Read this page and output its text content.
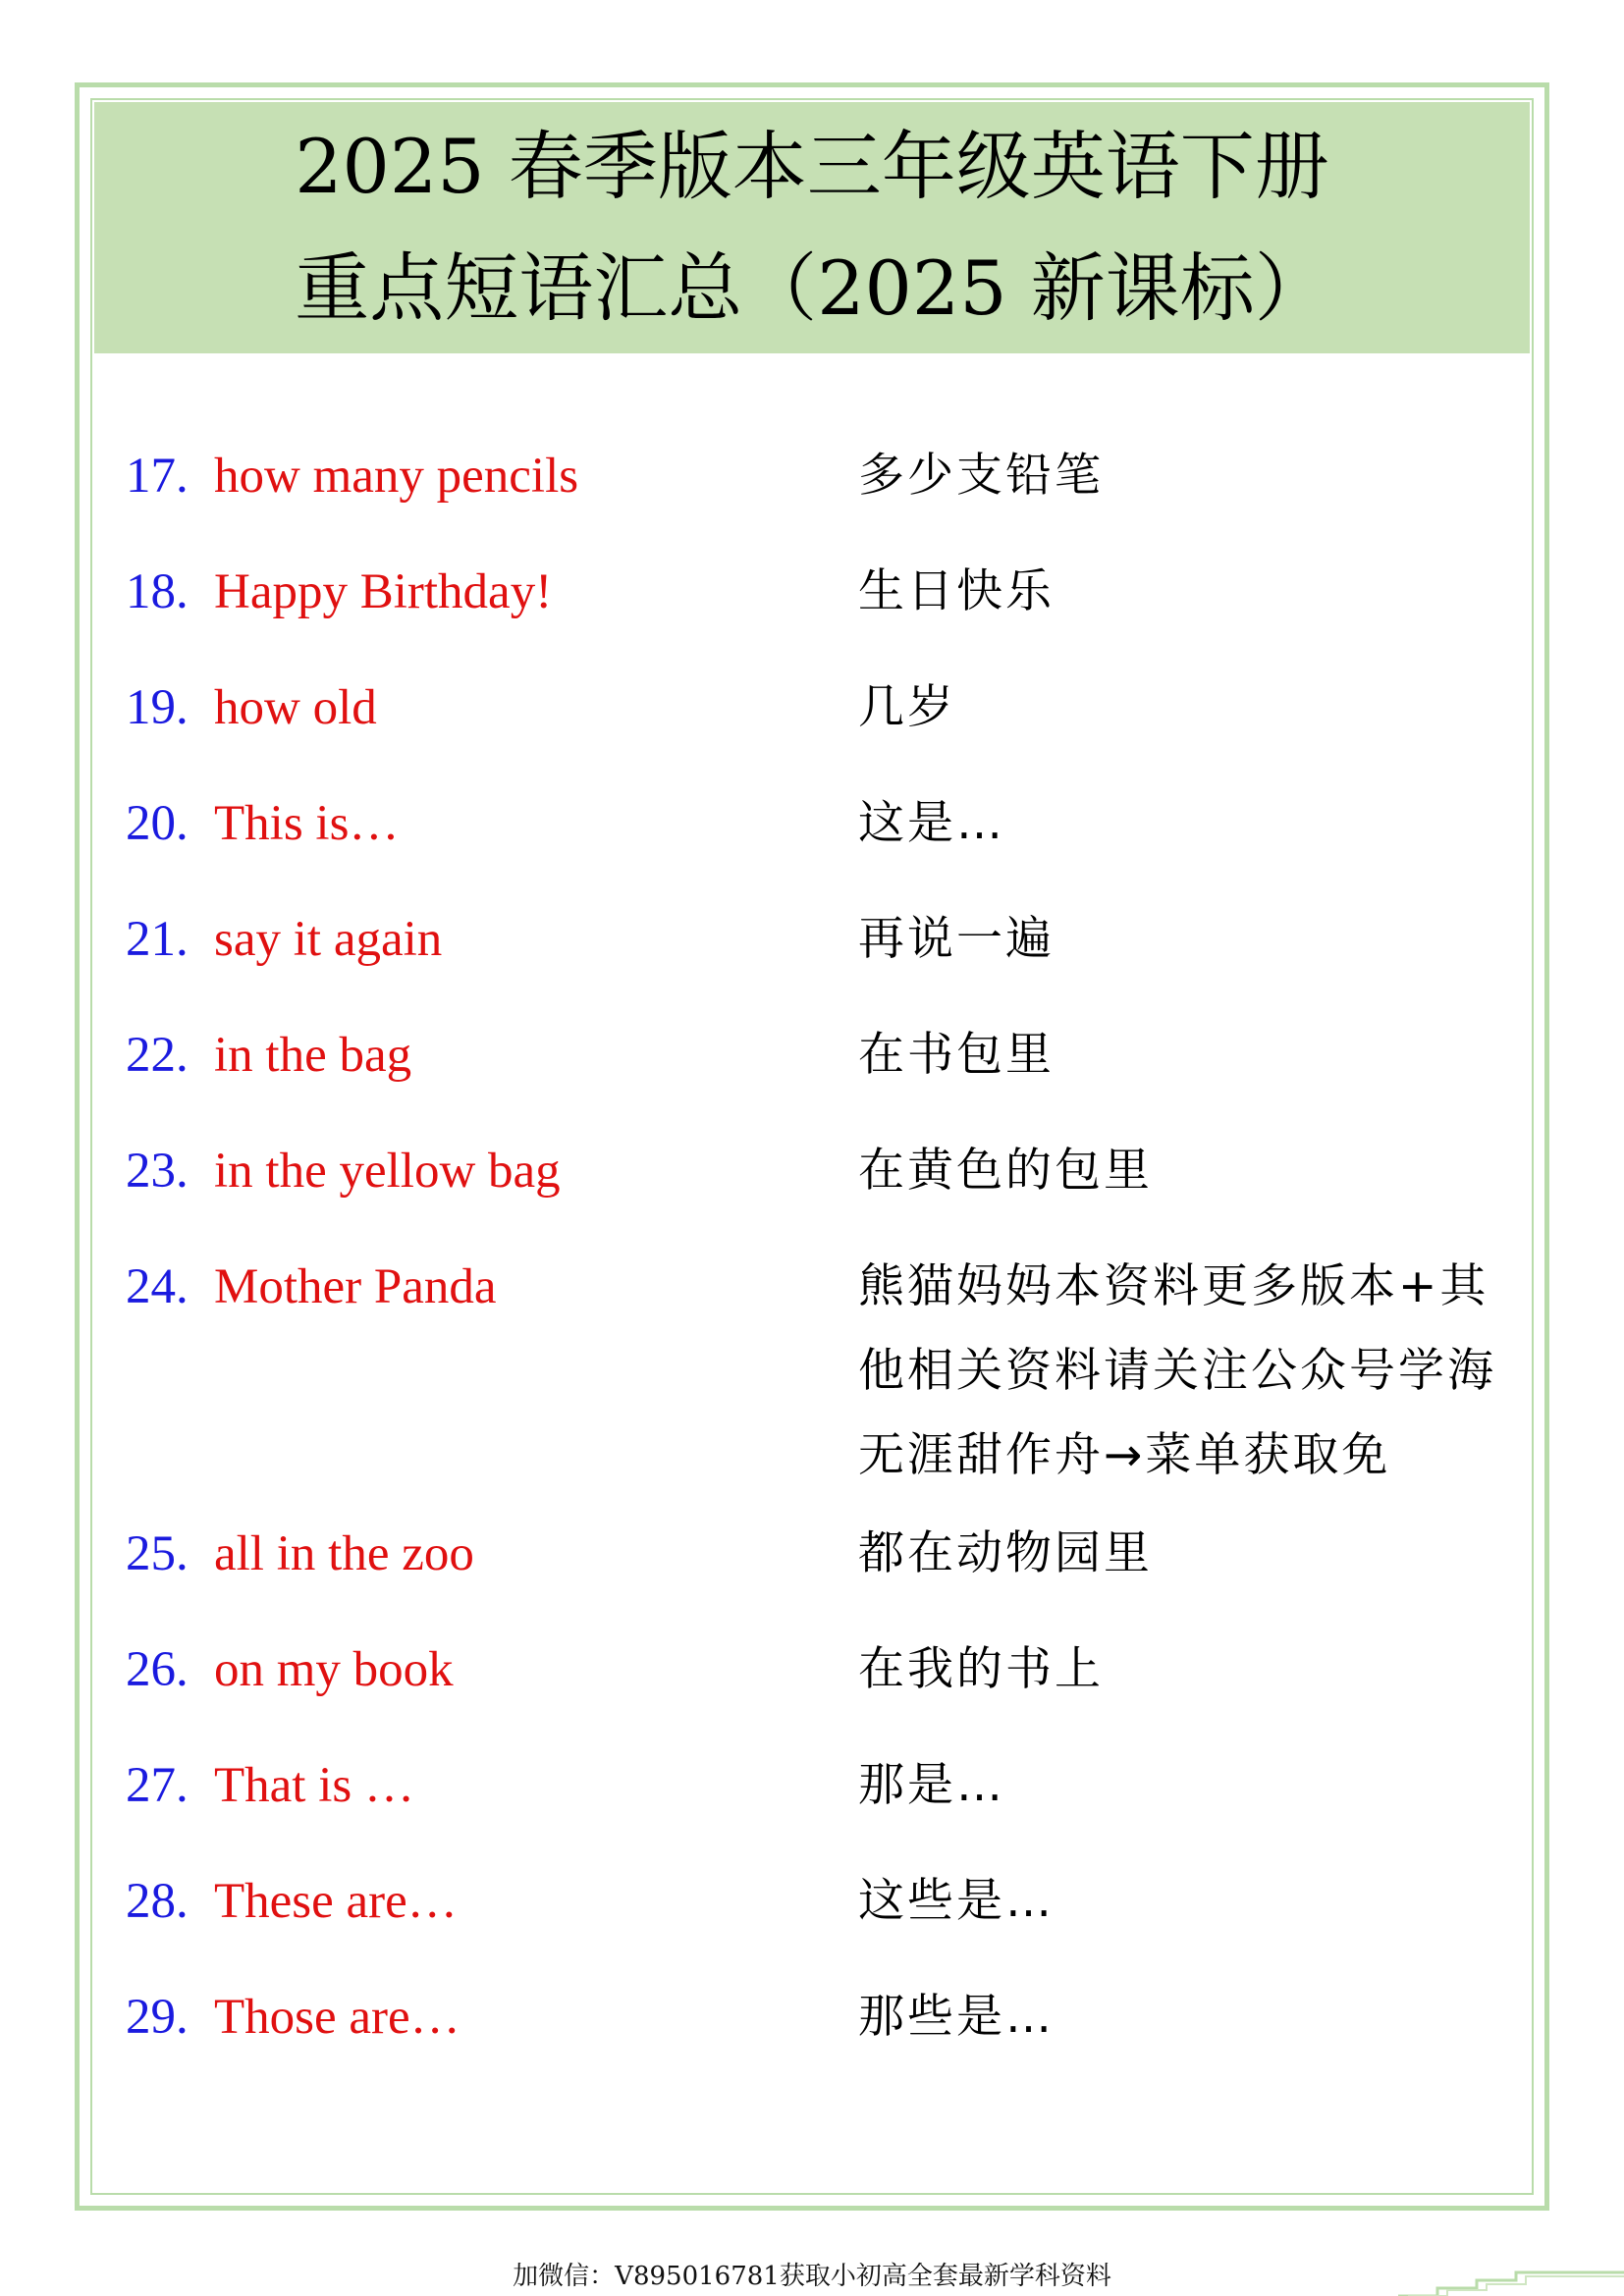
2025 春季版本三年级英语下册
重点短语汇总（2025 新课标）
17. how many pencils	多少支铅笔
18. Happy Birthday!	生日快乐
19. how old	几岁
20. This is…	这是…
21. say it again	再说一遍
22. in the bag	在书包里
23. in the yellow bag	在黄色的包里
24. Mother Panda	熊猫妈妈本资料更多版本+其他相关资料请关注公众号学海无涯甜作舟→菜单获取免
25. all in the zoo	都在动物园里
26. on my book	在我的书上
27. That is …	那是…
28. These are…	这些是…
29. Those are…	那些是…
加微信：V895016781获取小初高全套最新学科资料
